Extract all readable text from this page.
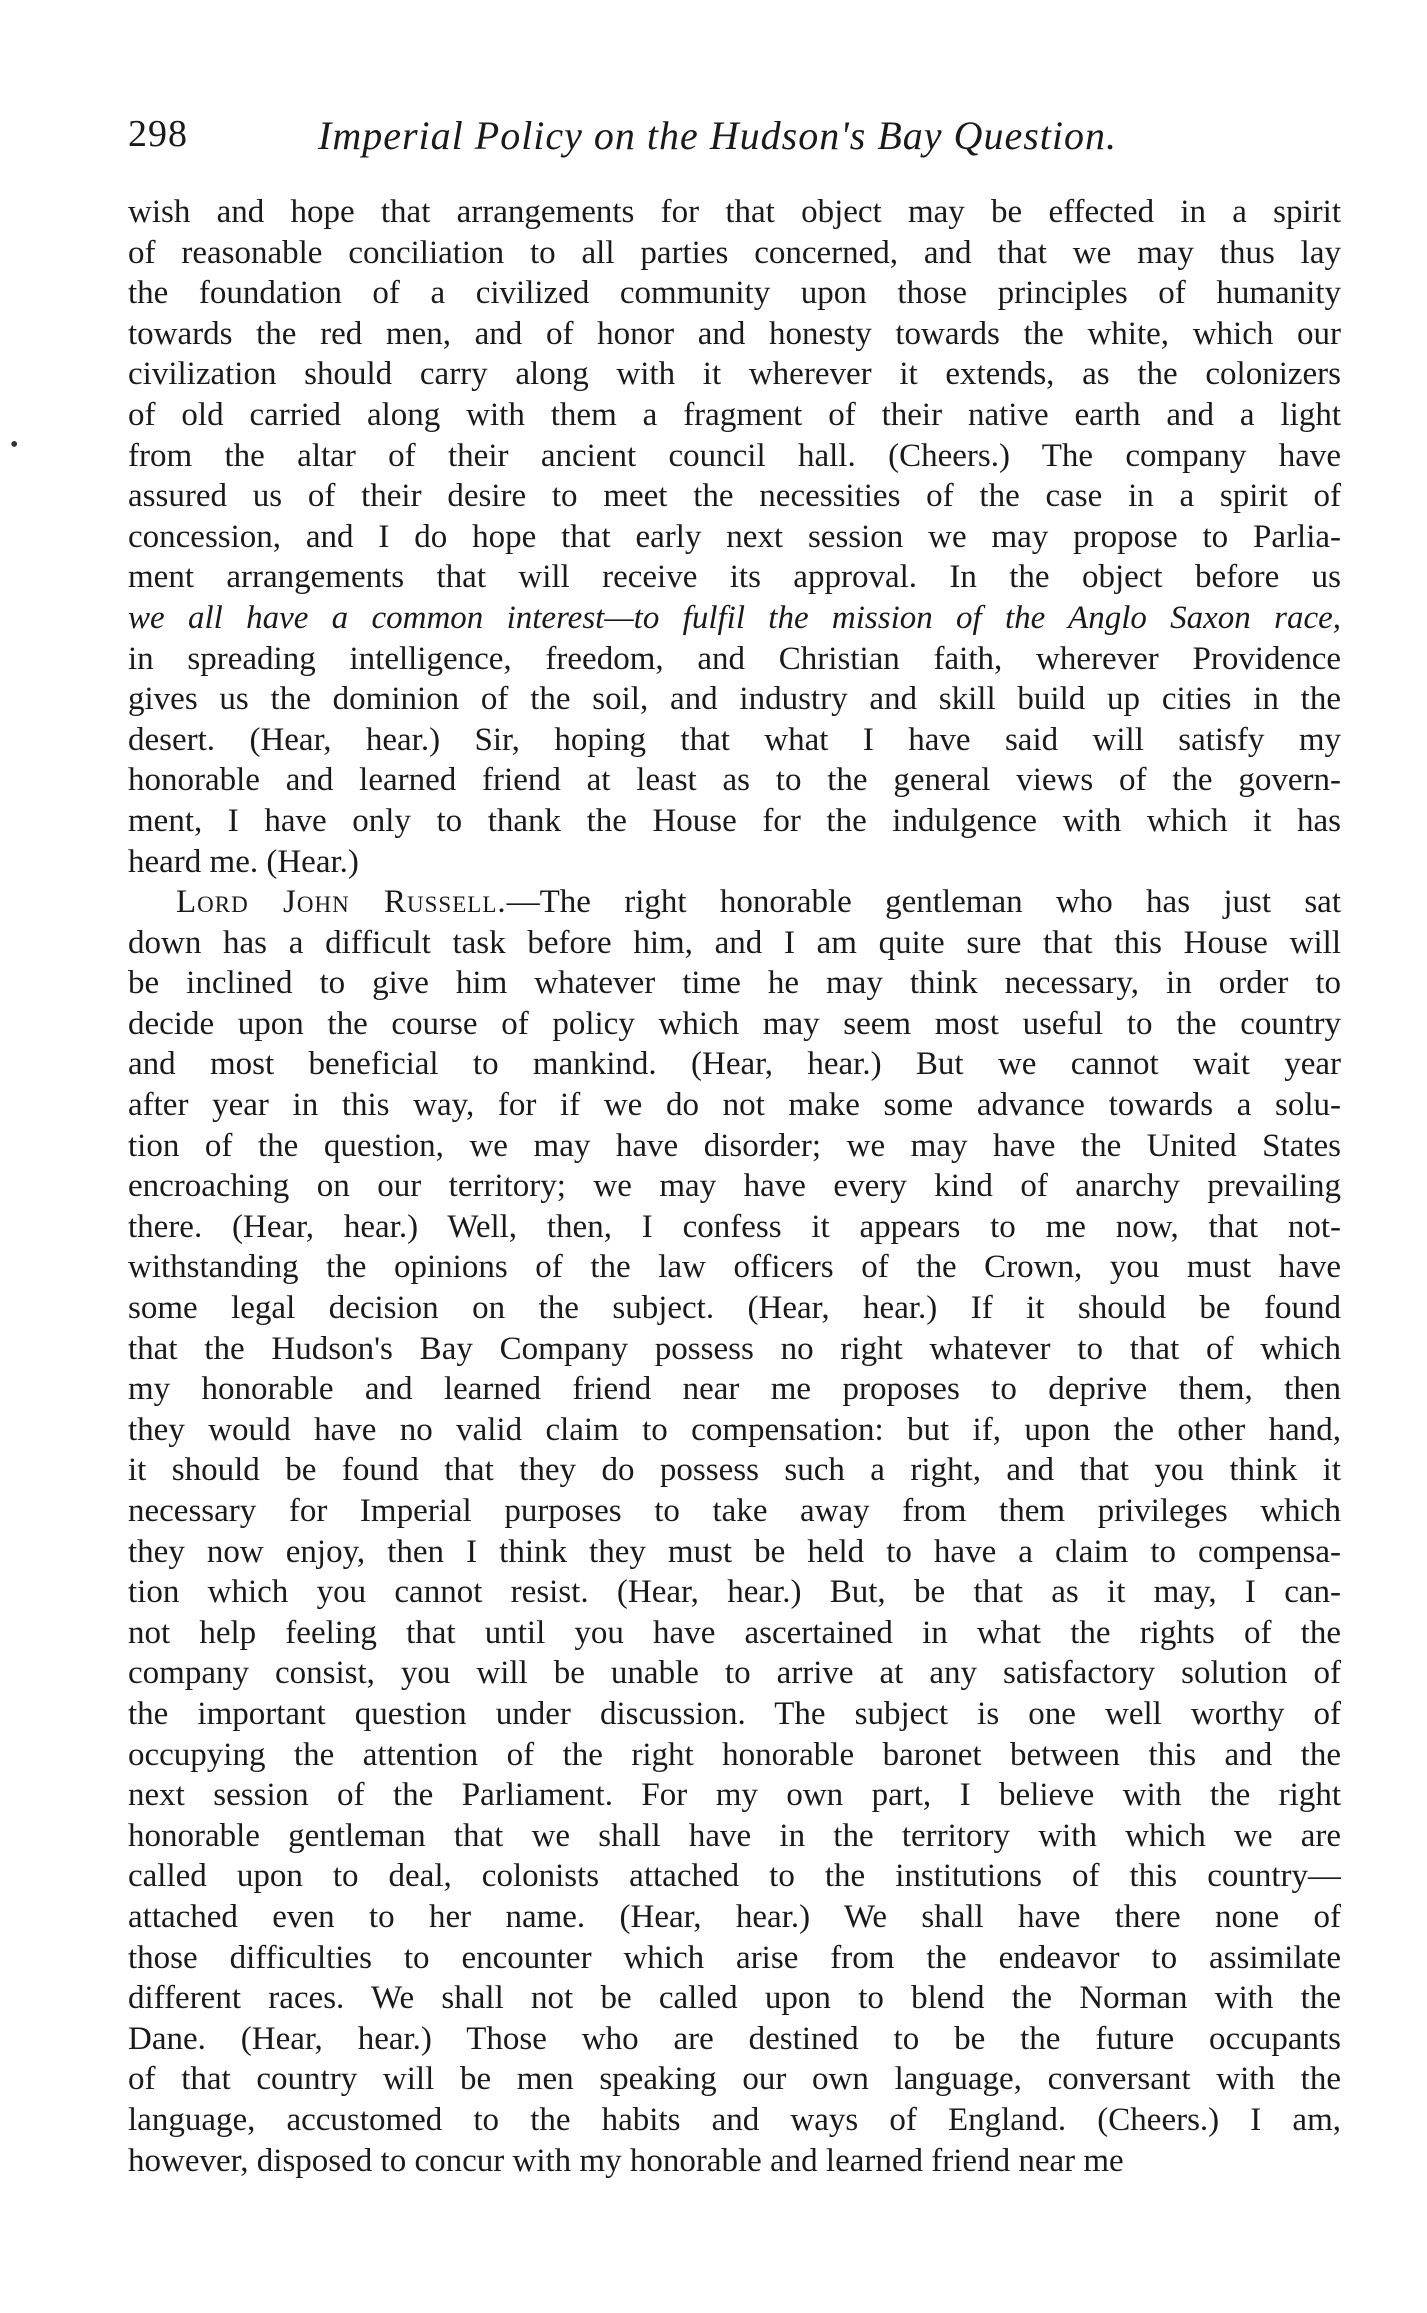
•
298	Imperial Policy on the Hudson's Bay Question.
wish and hope that arrangements for that object may be effected in a spirit
of reasonable conciliation to all parties concerned, and that we may thus lay
the foundation of a civilized community upon those principles of humanity
towards the red men, and of honor and honesty towards the white, which our
civilization should carry along with it wherever it extends, as the colonizers
of old carried along with them a fragment of their native earth and a light
from the altar of their ancient council hall. (Cheers.) The company have
assured us of their desire to meet the necessities of the case in a spirit of
concession, and I do hope that early next session we may propose to Parlia-
ment arrangements that will receive its approval. In the object before us
we all have a common interest—to fulfil the mission of the Anglo Saxon race,
in spreading intelligence, freedom, and Christian faith, wherever Providence
gives us the dominion of the soil, and industry and skill build up cities in the
desert. (Hear, hear.) Sir, hoping that what I have said will satisfy my
honorable and learned friend at least as to the general views of the govern-
ment, I have only to thank the House for the indulgence with which it has
heard me. (Hear.)
Lord John Russell.—The right honorable gentleman who has just sat
down has a difficult task before him, and I am quite sure that this House will
be inclined to give him whatever time he may think necessary, in order to
decide upon the course of policy which may seem most useful to the country
and most beneficial to mankind. (Hear, hear.) But we cannot wait year
after year in this way, for if we do not make some advance towards a solu-
tion of the question, we may have disorder; we may have the United States
encroaching on our territory; we may have every kind of anarchy prevailing
there. (Hear, hear.) Well, then, I confess it appears to me now, that not-
withstanding the opinions of the law officers of the Crown, you must have
some legal decision on the subject. (Hear, hear.) If it should be found
that the Hudson's Bay Company possess no right whatever to that of which
my honorable and learned friend near me proposes to deprive them, then
they would have no valid claim to compensation: but if, upon the other hand,
it should be found that they do possess such a right, and that you think it
necessary for Imperial purposes to take away from them privileges which
they now enjoy, then I think they must be held to have a claim to compensa-
tion which you cannot resist. (Hear, hear.) But, be that as it may, I can-
not help feeling that until you have ascertained in what the rights of the
company consist, you will be unable to arrive at any satisfactory solution of
the important question under discussion. The subject is one well worthy of
occupying the attention of the right honorable baronet between this and the
next session of the Parliament. For my own part, I believe with the right
honorable gentleman that we shall have in the territory with which we are
called upon to deal, colonists attached to the institutions of this country—
attached even to her name. (Hear, hear.) We shall have there none of
those difficulties to encounter which arise from the endeavor to assimilate
different races. We shall not be called upon to blend the Norman with the
Dane. (Hear, hear.) Those who are destined to be the future occupants
of that country will be men speaking our own language, conversant with the
language, accustomed to the habits and ways of England. (Cheers.) I am,
however, disposed to concur with my honorable and learned friend near me
